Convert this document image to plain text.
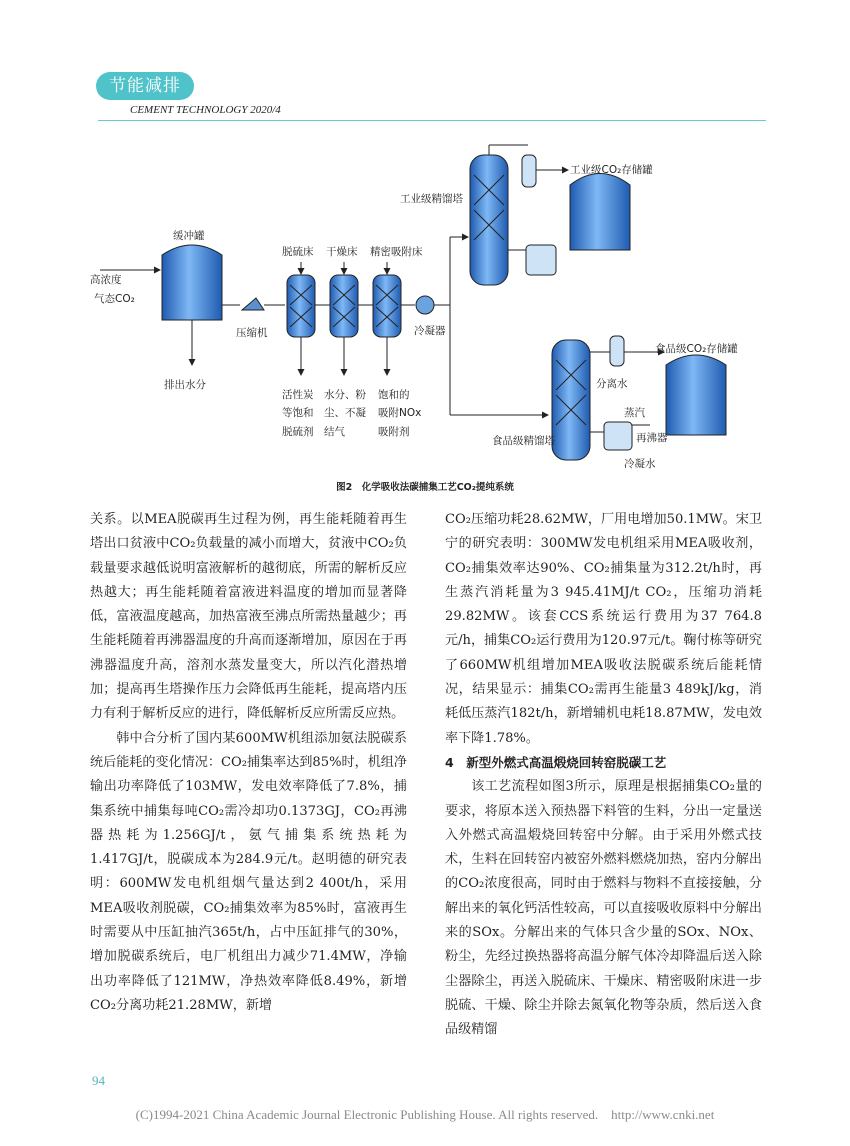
节能减排
CEMENT TECHNOLOGY 2020/4
高浓度
气态CO₂
缓冲罐
排出水分
压缩机
脱硫床 干燥床 精密吸附床
冷凝器
工业级精馏塔
工业级CO₂存储罐
食品级CO₂存储罐
分离水
蒸汽
再沸器
冷凝水
食品级精馏塔
活性炭
等饱和
脱硫剂
水分、粉
尘、不凝
结气
饱和的
吸附NOx
吸附剂
图2　化学吸收法碳捕集工艺CO₂提纯系统

关系。以MEA脱碳再生过程为例，再生能耗随着再生塔出口贫液中CO₂负载量的减小而增大，贫液中CO₂负载量要求越低说明富液解析的越彻底，所需的解析反应热越大；再生能耗随着富液进料温度的增加而显著降低，富液温度越高，加热富液至沸点所需热量越少；再生能耗随着再沸器温度的升高而逐渐增加，原因在于再沸器温度升高，溶剂水蒸发量变大，所以汽化潜热增加；提高再生塔操作压力会降低再生能耗，提高塔内压力有利于解析反应的进行，降低解析反应所需反应热。

韩中合分析了国内某600MW机组添加氨法脱碳系统后能耗的变化情况：CO₂捕集率达到85%时，机组净输出功率降低了103MW，发电效率降低了7.8%，捕集系统中捕集每吨CO₂需冷却功0.1373GJ，CO₂再沸器热耗为1.256GJ/t，氨气捕集系统热耗为1.417GJ/t，脱碳成本为284.9元/t。赵明德的研究表明：600MW发电机组烟气量达到2 400t/h，采用MEA吸收剂脱碳，CO₂捕集效率为85%时，富液再生时需要从中压缸抽汽365t/h，占中压缸排气的30%，增加脱碳系统后，电厂机组出力减少71.4MW，净输出功率降低了121MW，净热效率降低8.49%，新增CO₂分离功耗21.28MW，新增

CO₂压缩功耗28.62MW，厂用电增加50.1MW。宋卫宁的研究表明：300MW发电机组采用MEA吸收剂，CO₂捕集效率达90%、CO₂捕集量为312.2t/h时，再生蒸汽消耗量为3 945.41MJ/t CO₂，压缩功消耗29.82MW。该套CCS系统运行费用为37 764.8元/h，捕集CO₂运行费用为120.97元/t。鞠付栋等研究了660MW机组增加MEA吸收法脱碳系统后能耗情况，结果显示：捕集CO₂需再生能量3 489kJ/kg，消耗低压蒸汽182t/h，新增辅机电耗18.87MW，发电效率下降1.78%。

4　新型外燃式高温煅烧回转窑脱碳工艺

该工艺流程如图3所示，原理是根据捕集CO₂量的要求，将原本送入预热器下料管的生料，分出一定量送入外燃式高温煅烧回转窑中分解。由于采用外燃式技术，生料在回转窑内被窑外燃料燃烧加热，窑内分解出的CO₂浓度很高，同时由于燃料与物料不直接接触，分解出来的氧化钙活性较高，可以直接吸收原料中分解出来的SOx。分解出来的气体只含少量的SOx、NOx、粉尘，先经过换热器将高温分解气体冷却降温后送入除尘器除尘，再送入脱硫床、干燥床、精密吸附床进一步脱硫、干燥、除尘并除去氮氧化物等杂质，然后送入食品级精馏

94
(C)1994-2021 China Academic Journal Electronic Publishing House. All rights reserved.　http://www.cnki.net
